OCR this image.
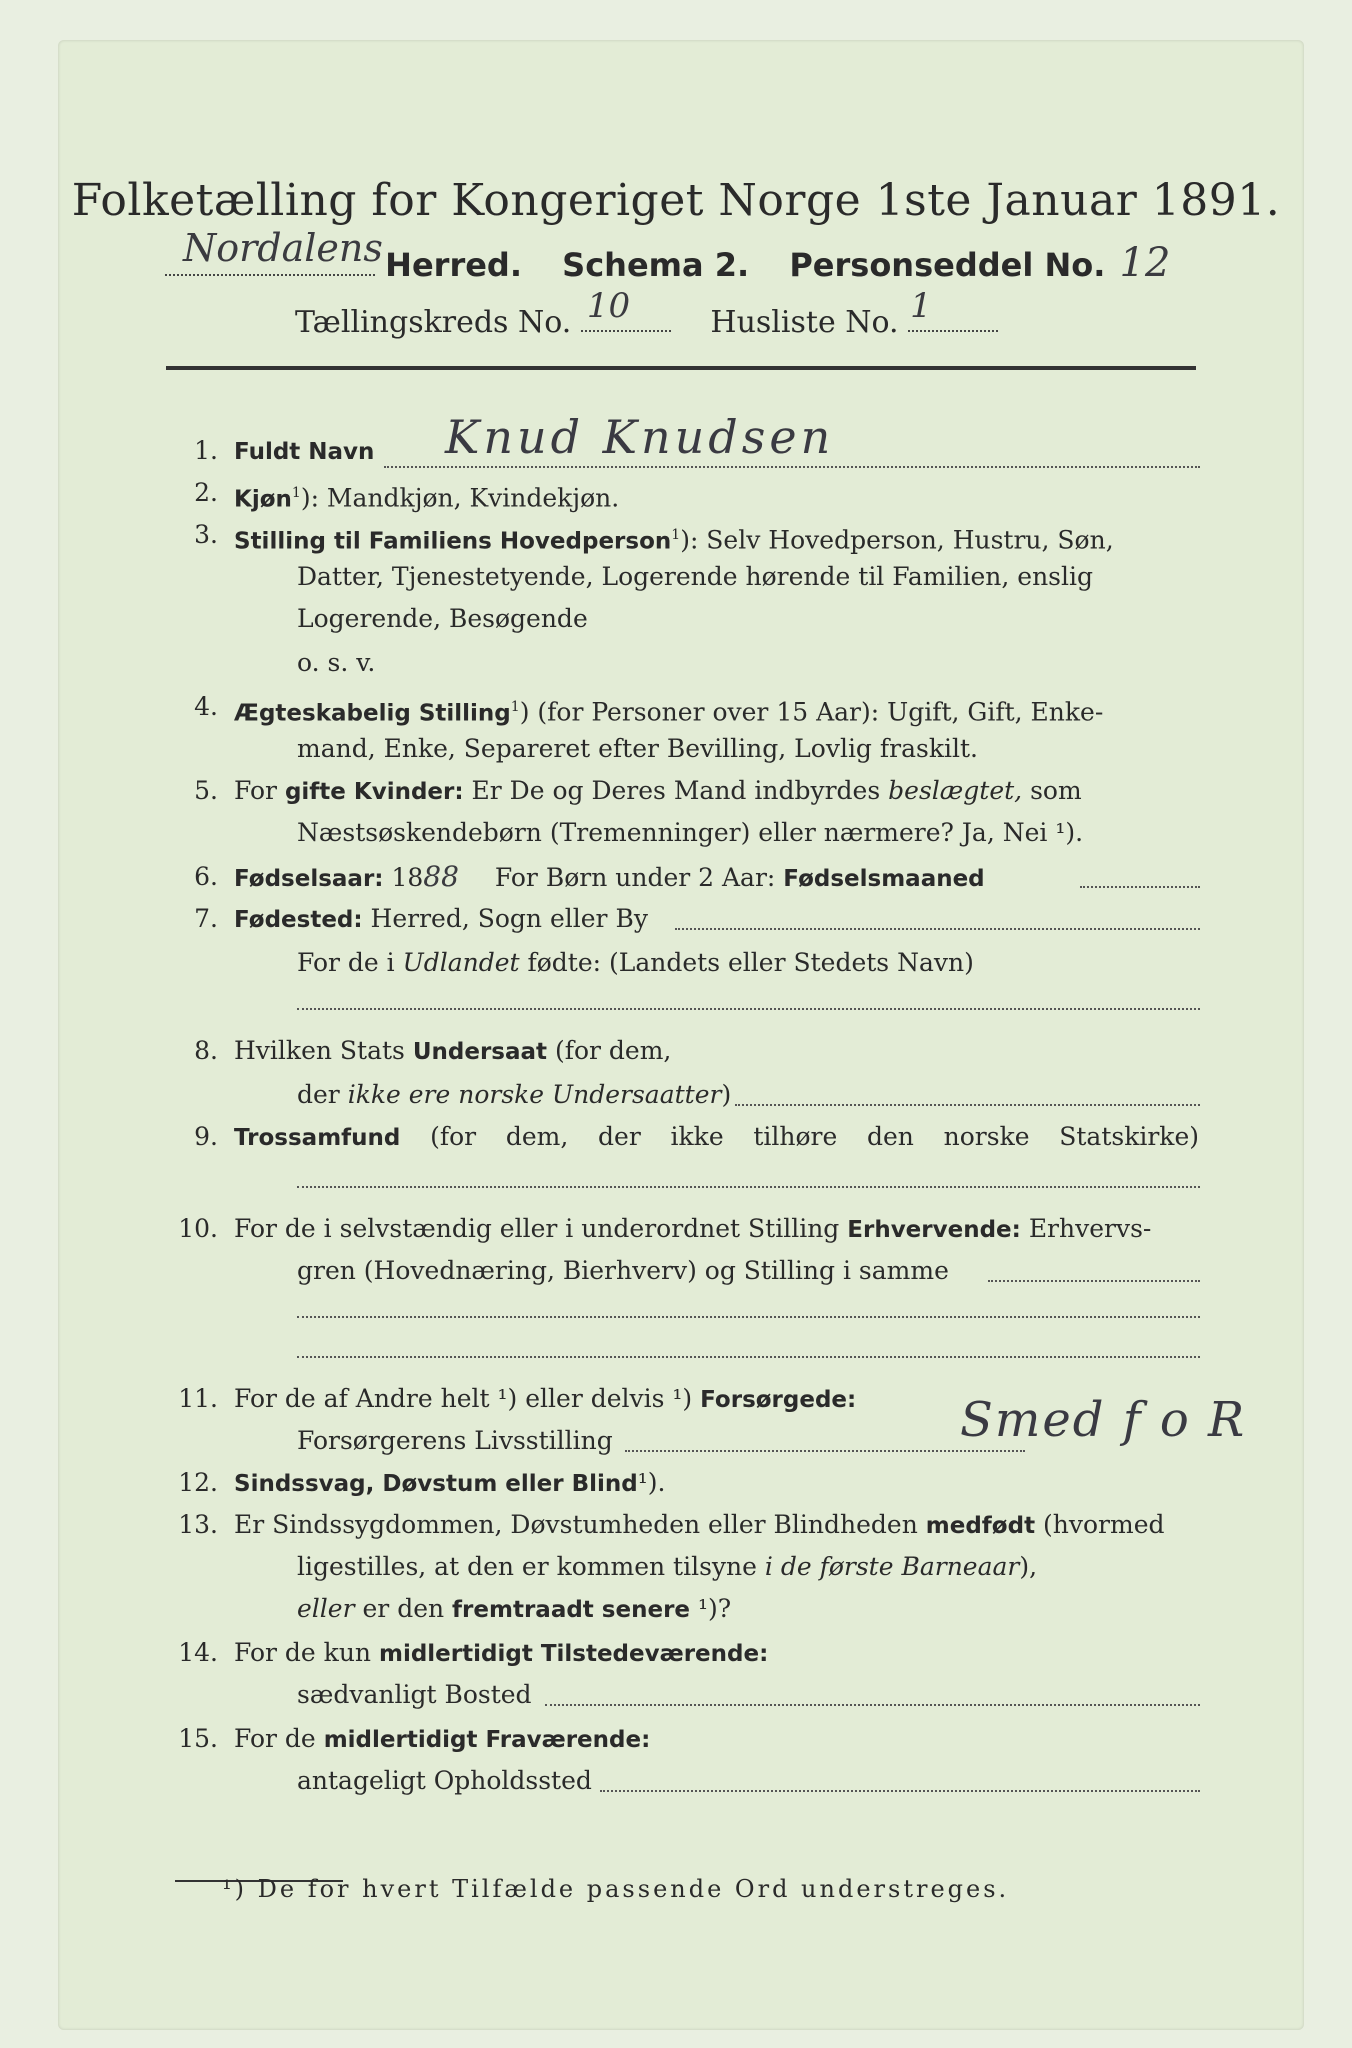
Folketælling for Kongeriget Norge 1ste Januar 1891.
Nordalens Herred. Schema 2. Personseddel No. 12
Tællingskreds No. 10	Husliste No. 1
1. Fuldt Navn	Knud Knudsen
2. Kjøn$^1$): Mandkjøn, Kvindekjøn.
3. Stilling til Familiens Hovedperson$^1$): Selv Hovedperson, Hustru, Søn,
Datter, Tjenestetyende, Logerende hørende til Familien, enslig
Logerende, Besøgende
o. s. v.
4. Ægteskabelig Stilling$^1$) (for Personer over 15 Aar): Ugift, Gift, Enke-
mand, Enke, Separeret efter Bevilling, Lovlig fraskilt.
5. For gifte Kvinder: Er De og Deres Mand indbyrdes beslægtet, som
Næstsøskendebørn (Tremenninger) eller nærmere? Ja, Nei ¹).
6. Fødselsaar: 1888 For Børn under 2 Aar: Fødselsmaaned
7. Fødested: Herred, Sogn eller By
For de i Udlandet fødte: (Landets eller Stedets Navn)
8. Hvilken Stats Undersaat (for dem,
der ikke ere norske Undersaatter)
9. Trossamfund (for dem, der ikke tilhøre den norske Statskirke)
10. For de i selvstændig eller i underordnet Stilling Erhvervende: Erhvervs-
gren (Hovednæring, Bierhverv) og Stilling i samme
11. For de af Andre helt ¹) eller delvis ¹) Forsørgede:
Forsørgerens Livsstilling	Smed f o R
12. Sindssvag, Døvstum eller Blind¹).
13. Er Sindssygdommen, Døvstumheden eller Blindheden medfødt (hvormed
ligestilles, at den er kommen tilsyne i de første Barneaar),
eller er den fremtraadt senere ¹)?
14. For de kun midlertidigt Tilstedeværende:
sædvanligt Bosted
15. For de midlertidigt Fraværende:
antageligt Opholdssted
¹) De for hvert Tilfælde passende Ord understreges.
